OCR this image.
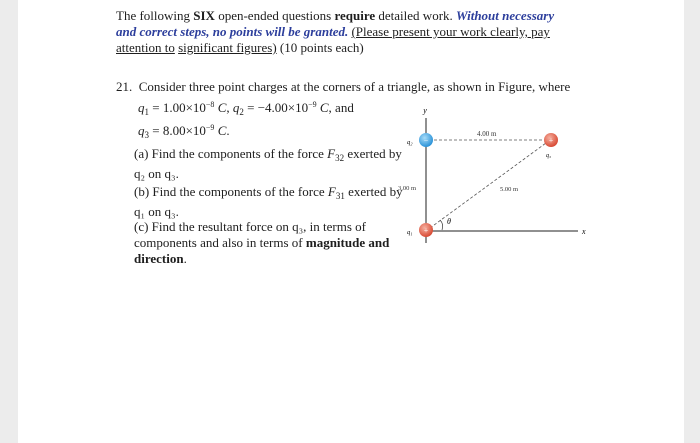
The following SIX open-ended questions require detailed work. Without necessary and correct steps, no points will be granted. (Please present your work clearly, pay attention to significant figures) (10 points each)
21. Consider three point charges at the corners of a triangle, as shown in Figure, where
$q_1 = 1.00\times 10^{-8}$ C, $q_2 = -4.00\times 10^{-9}$ C, and
$q_3 = 8.00\times 10^{-9}$ C.
(a) Find the components of the force $F_{32}$ exerted by
q₂ on q₃.
(b) Find the components of the force $F_{31}$ exerted by
q₁ on q₃.
(c) Find the resultant force on q₃, in terms of
components and also in terms of magnitude and
direction.
y
x
4.00 m
3.00 m	5.00 m
θ
−
q₂
+
q₁
+
q₃
